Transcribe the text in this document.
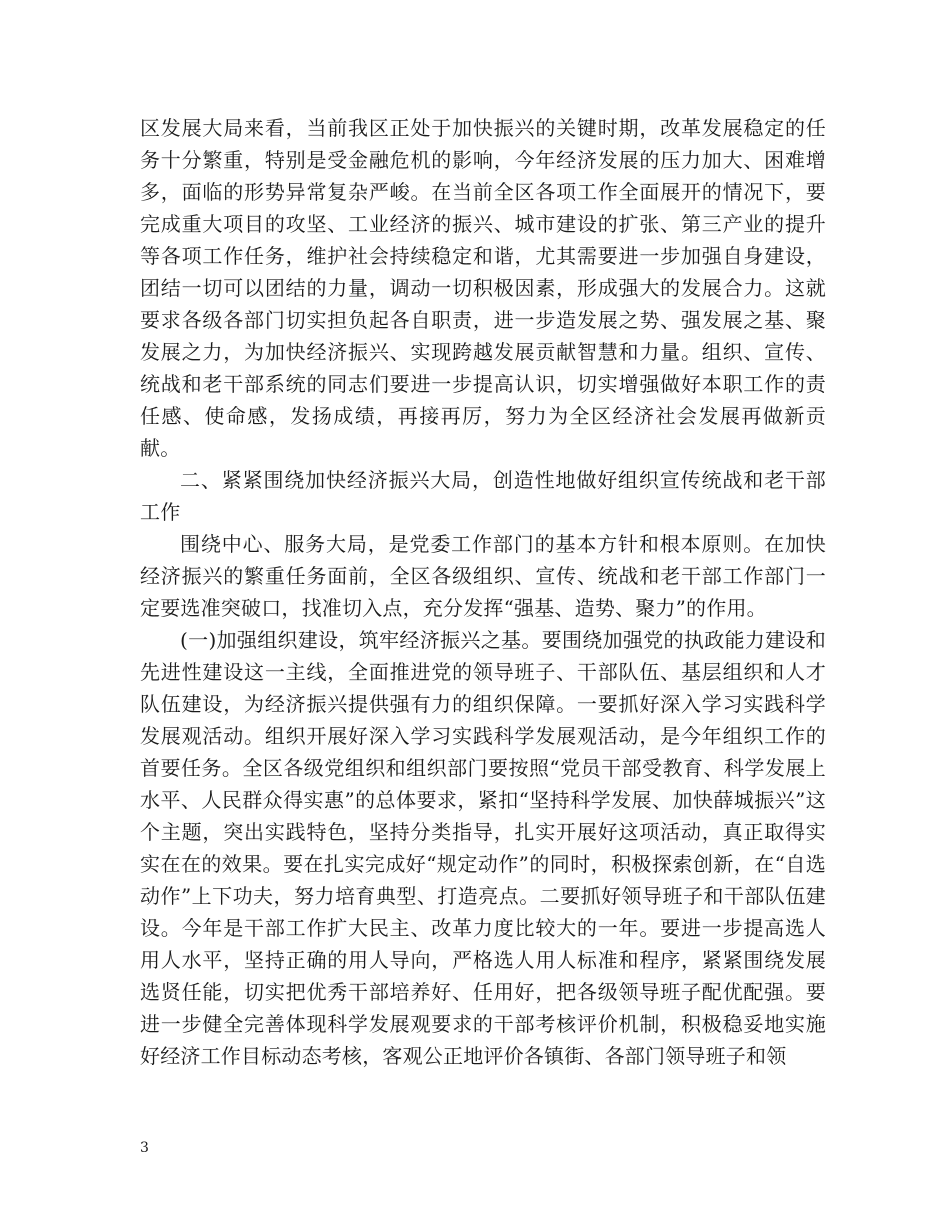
区发展大局来看，当前我区正处于加快振兴的关键时期，改革发展稳定的任务十分繁重，特别是受金融危机的影响，今年经济发展的压力加大、困难增多，面临的形势异常复杂严峻。在当前全区各项工作全面展开的情况下，要完成重大项目的攻坚、工业经济的振兴、城市建设的扩张、第三产业的提升等各项工作任务，维护社会持续稳定和谐，尤其需要进一步加强自身建设，团结一切可以团结的力量，调动一切积极因素，形成强大的发展合力。这就要求各级各部门切实担负起各自职责，进一步造发展之势、强发展之基、聚发展之力，为加快经济振兴、实现跨越发展贡献智慧和力量。组织、宣传、统战和老干部系统的同志们要进一步提高认识，切实增强做好本职工作的责任感、使命感，发扬成绩，再接再厉，努力为全区经济社会发展再做新贡献。

二、紧紧围绕加快经济振兴大局，创造性地做好组织宣传统战和老干部工作

围绕中心、服务大局，是党委工作部门的基本方针和根本原则。在加快经济振兴的繁重任务面前，全区各级组织、宣传、统战和老干部工作部门一定要选准突破口，找准切入点，充分发挥“强基、造势、聚力”的作用。

(一)加强组织建设，筑牢经济振兴之基。要围绕加强党的执政能力建设和先进性建设这一主线，全面推进党的领导班子、干部队伍、基层组织和人才队伍建设，为经济振兴提供强有力的组织保障。一要抓好深入学习实践科学发展观活动。组织开展好深入学习实践科学发展观活动，是今年组织工作的首要任务。全区各级党组织和组织部门要按照“党员干部受教育、科学发展上水平、人民群众得实惠”的总体要求，紧扣“坚持科学发展、加快薛城振兴”这个主题，突出实践特色，坚持分类指导，扎实开展好这项活动，真正取得实实在在的效果。要在扎实完成好“规定动作”的同时，积极探索创新，在“自选动作”上下功夫，努力培育典型、打造亮点。二要抓好领导班子和干部队伍建设。今年是干部工作扩大民主、改革力度比较大的一年。要进一步提高选人用人水平，坚持正确的用人导向，严格选人用人标准和程序，紧紧围绕发展选贤任能，切实把优秀干部培养好、任用好，把各级领导班子配优配强。要进一步健全完善体现科学发展观要求的干部考核评价机制，积极稳妥地实施好经济工作目标动态考核，客观公正地评价各镇街、各部门领导班子和领

3
